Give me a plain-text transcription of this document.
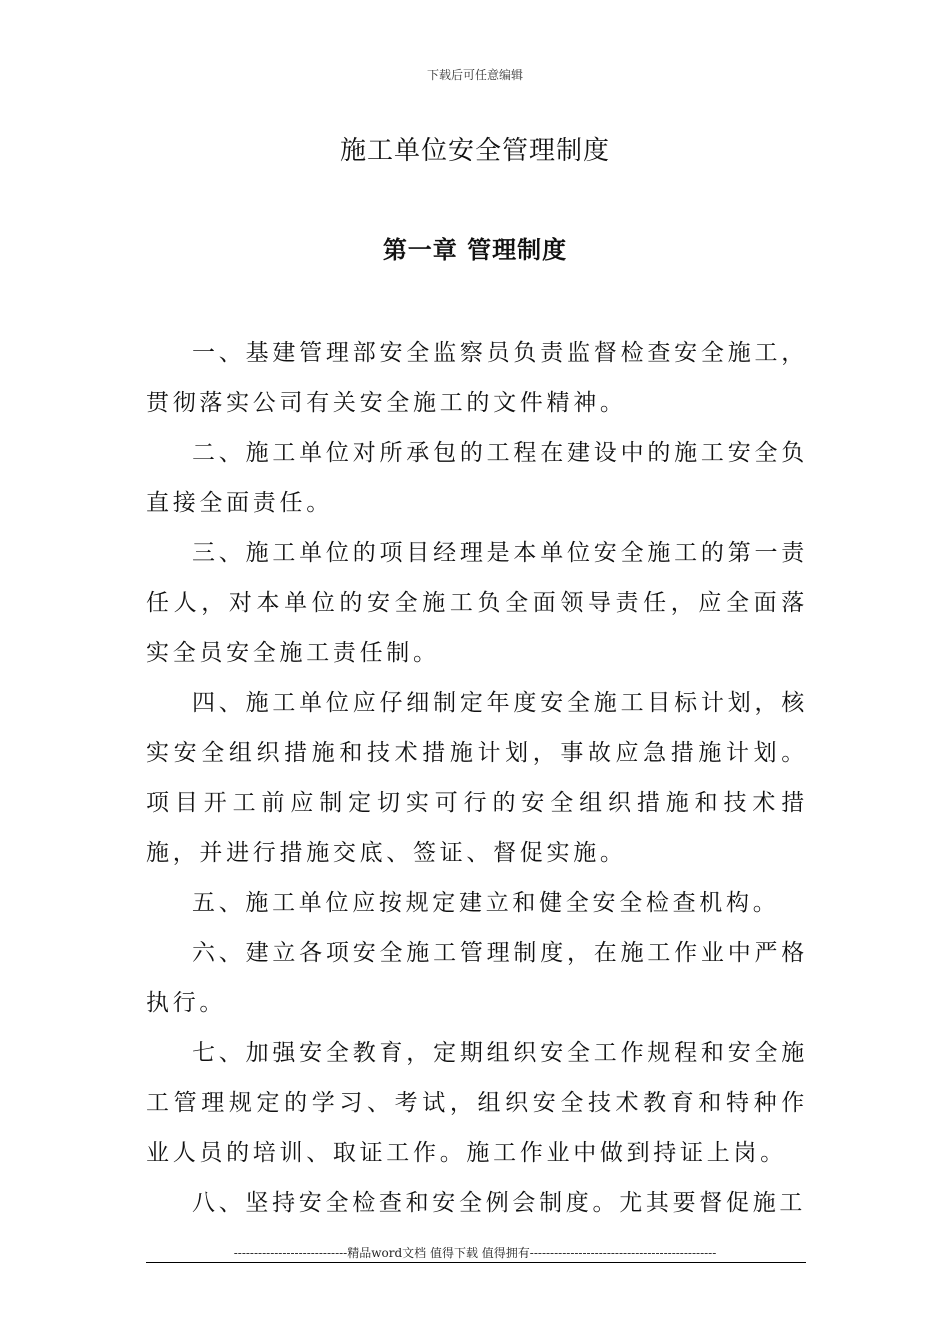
下载后可任意编辑
施工单位安全管理制度
第一章 管理制度

一、基建管理部安全监察员负责监督检查安全施工，贯彻落实公司有关安全施工的文件精神。

二、施工单位对所承包的工程在建设中的施工安全负直接全面责任。

三、施工单位的项目经理是本单位安全施工的第一责任人，对本单位的安全施工负全面领导责任，应全面落实全员安全施工责任制。

四、施工单位应仔细制定年度安全施工目标计划，核实安全组织措施和技术措施计划，事故应急措施计划。项目开工前应制定切实可行的安全组织措施和技术措施，并进行措施交底、签证、督促实施。

五、施工单位应按规定建立和健全安全检查机构。

六、建立各项安全施工管理制度，在施工作业中严格执行。

七、加强安全教育，定期组织安全工作规程和安全施工管理规定的学习、考试，组织安全技术教育和特种作业人员的培训、取证工作。施工作业中做到持证上岗。

八、坚持安全检查和安全例会制度。尤其要督促施工

----------------------------精品word文档 值得下载 值得拥有----------------------------------------------
